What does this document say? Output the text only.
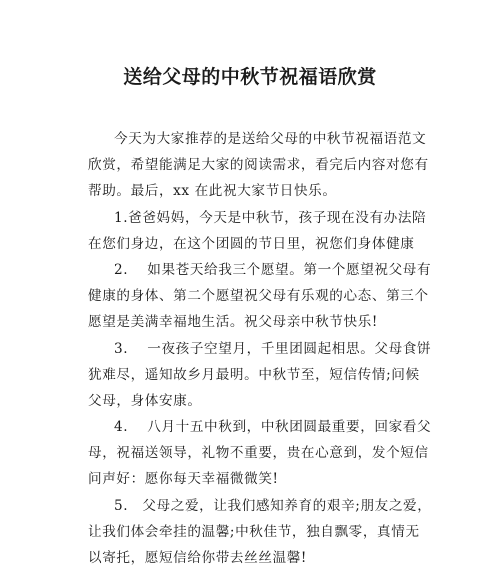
送给父母的中秋节祝福语欣赏
今天为大家推荐的是送给父母的中秋节祝福语范文
欣赏，希望能满足大家的阅读需求，看完后内容对您有
帮助。最后，xx 在此祝大家节日快乐。
1.爸爸妈妈，今天是中秋节，孩子现在没有办法陪
在您们身边，在这个团圆的节日里，祝您们身体健康
2.　 如果苍天给我三个愿望。第一个愿望祝父母有
健康的身体、第二个愿望祝父母有乐观的心态、第三个
愿望是美满幸福地生活。祝父母亲中秋节快乐!
3.　 一夜孩子空望月，千里团圆起相思。父母食饼
犹难尽，遥知故乡月最明。中秋节至，短信传情;问候
父母，身体安康。
4.　 八月十五中秋到，中秋团圆最重要，回家看父
母，祝福送领导，礼物不重要，贵在心意到，发个短信
问声好：愿你每天幸福微微笑!
5.　父母之爱，让我们感知养育的艰辛;朋友之爱，
让我们体会牵挂的温馨;中秋佳节，独自飘零，真情无
以寄托，愿短信给你带去丝丝温馨!
